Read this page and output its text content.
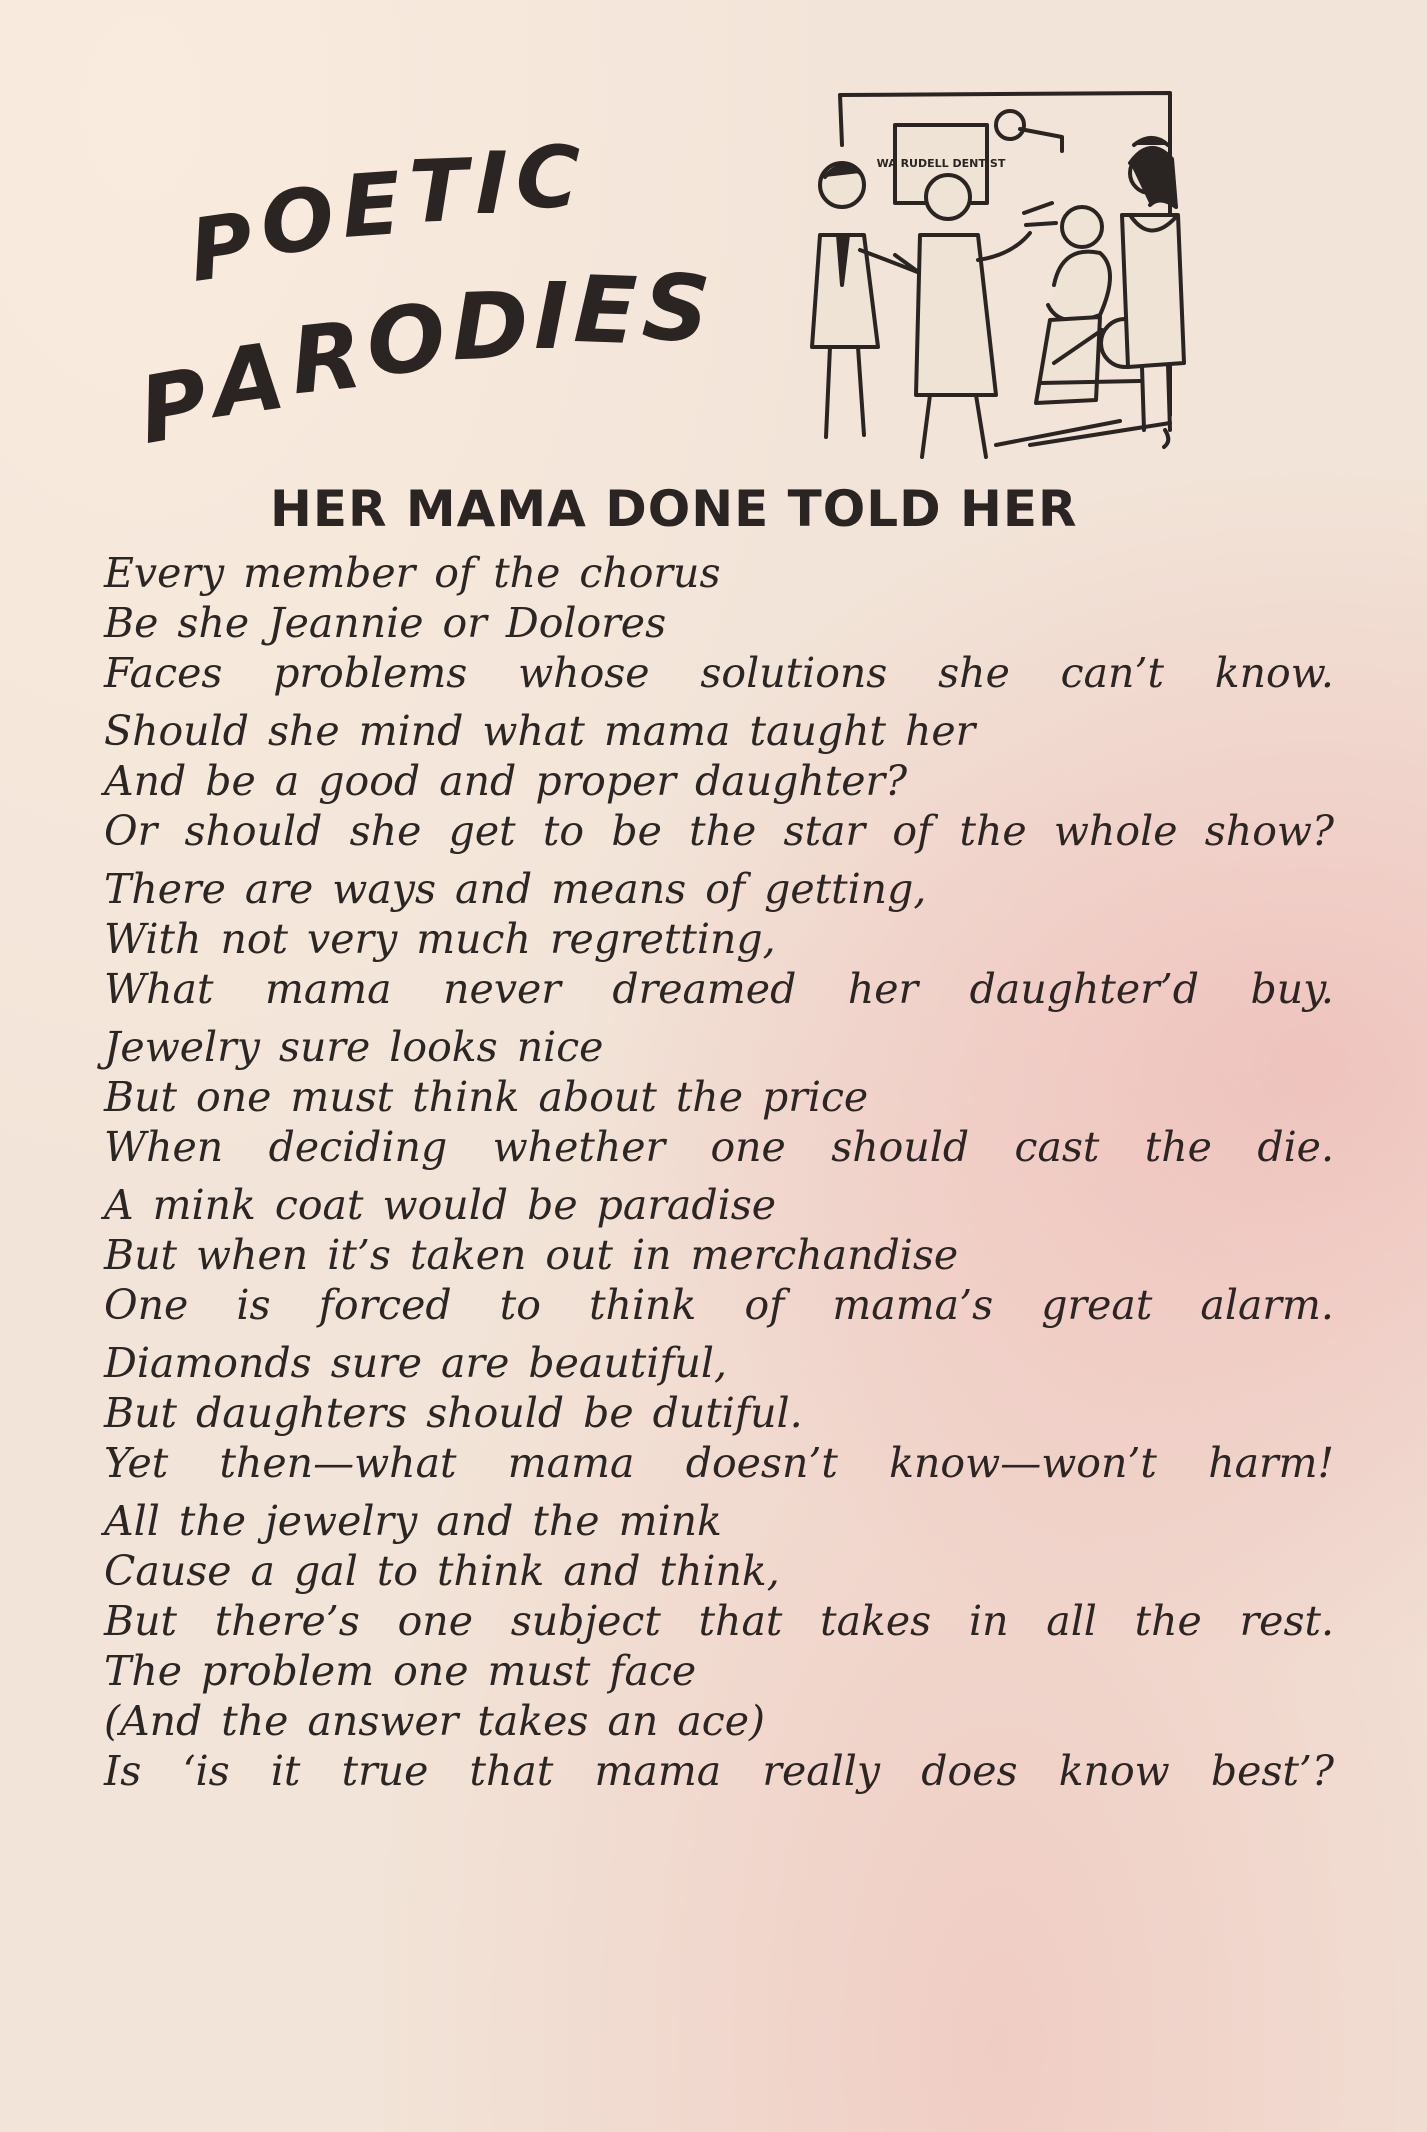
P
O E T I C
P
A
R
O D I E S
WA RUDELL DENTIST
HER MAMA DONE TOLD HER
Every member of the chorus
Be she Jeannie or Dolores
Faces problems whose solutions she can’t know.
Should she mind what mama taught her
And be a good and proper daughter?
Or should she get to be the star of the whole show?
There are ways and means of getting,
With not very much regretting,
What mama never dreamed her daughter’d buy.
Jewelry sure looks nice
But one must think about the price
When deciding whether one should cast the die.
A mink coat would be paradise
But when it’s taken out in merchandise
One is forced to think of mama’s great alarm.
Diamonds sure are beautiful,
But daughters should be dutiful.
Yet then—what mama doesn’t know—won’t harm!
All the jewelry and the mink
Cause a gal to think and think,
But there’s one subject that takes in all the rest.
The problem one must face
(And the answer takes an ace)
Is ‘is it true that mama really does know best’?
